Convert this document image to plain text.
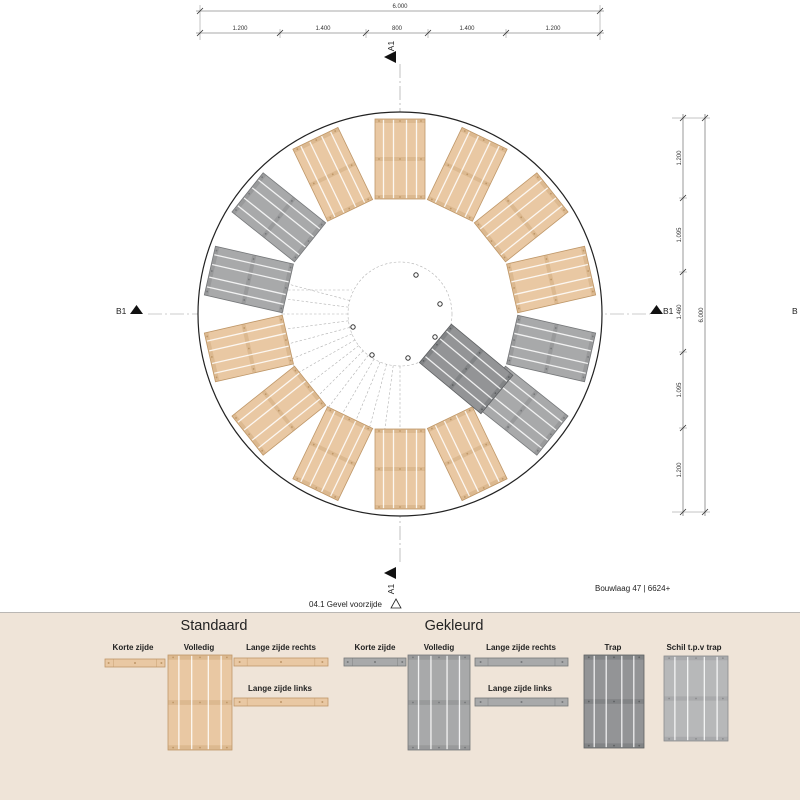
6.000
1.200	1.400	800	1.400	1.200
1.200
1.095
1.460
1.095
1.200
6.000
A1
A1
B1	B1	B
Bouwlaag 47 | 6624+
04.1 Gevel voorzijde
Standaard
Korte zijde	Volledig	Lange zijde rechts
Lange zijde links
Gekleurd
Korte zijde	Volledig	Lange zijde rechts
Lange zijde links
Trap	Schil t.p.v trap
